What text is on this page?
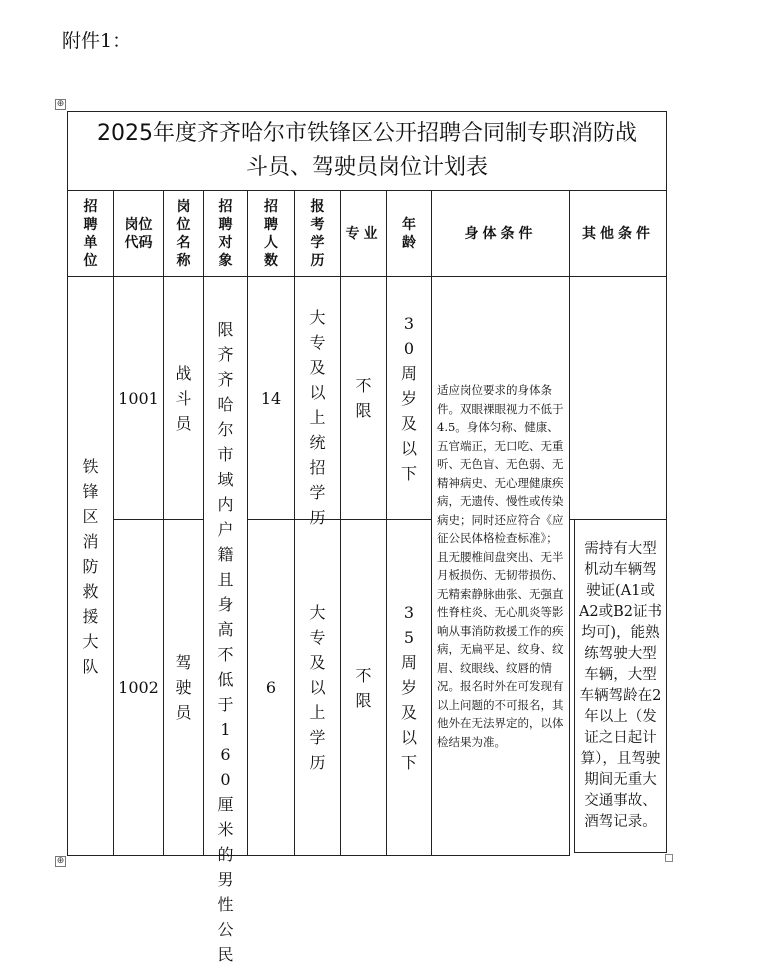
附件1：
⊕
⊕
2025年度齐齐哈尔市铁锋区公开招聘合同制专职消防战
斗员、驾驶员岗位计划表
招聘单位
岗位代码
岗位名称
招聘对象
招聘人数
报考学历
专业
年龄
身体条件	其他条件
铁锋区消防救援大队
1001
战斗员
限齐齐哈尔市域内户籍且身高不低于160厘米的男性公民
14
大专及以上统招学历
不限
30周岁及以下
适应岗位要求的身体条件。双眼裸眼视力不低于4.5。身体匀称、健康、五官端正，无口吃、无重听、无色盲、无色弱、无精神病史、无心理健康疾病，无遗传、慢性或传染病史；同时还应符合《应征公民体格检查标准》；且无腰椎间盘突出、无半月板损伤、无韧带损伤、无精索静脉曲张、无强直性脊柱炎、无心肌炎等影响从事消防救援工作的疾病，无扁平足、纹身、纹眉、纹眼线、纹唇的情况。报名时外在可发现有以上问题的不可报名，其他外在无法界定的，以体检结果为准。
需持有大型机动车辆驾驶证(A1或A2或B2证书均可)，能熟练驾驶大型车辆，大型车辆驾龄在2年以上（发证之日起计算），且驾驶期间无重大交通事故、酒驾记录。
1002
驾驶员
6
大专及以上学历
不限
35周岁及以下
